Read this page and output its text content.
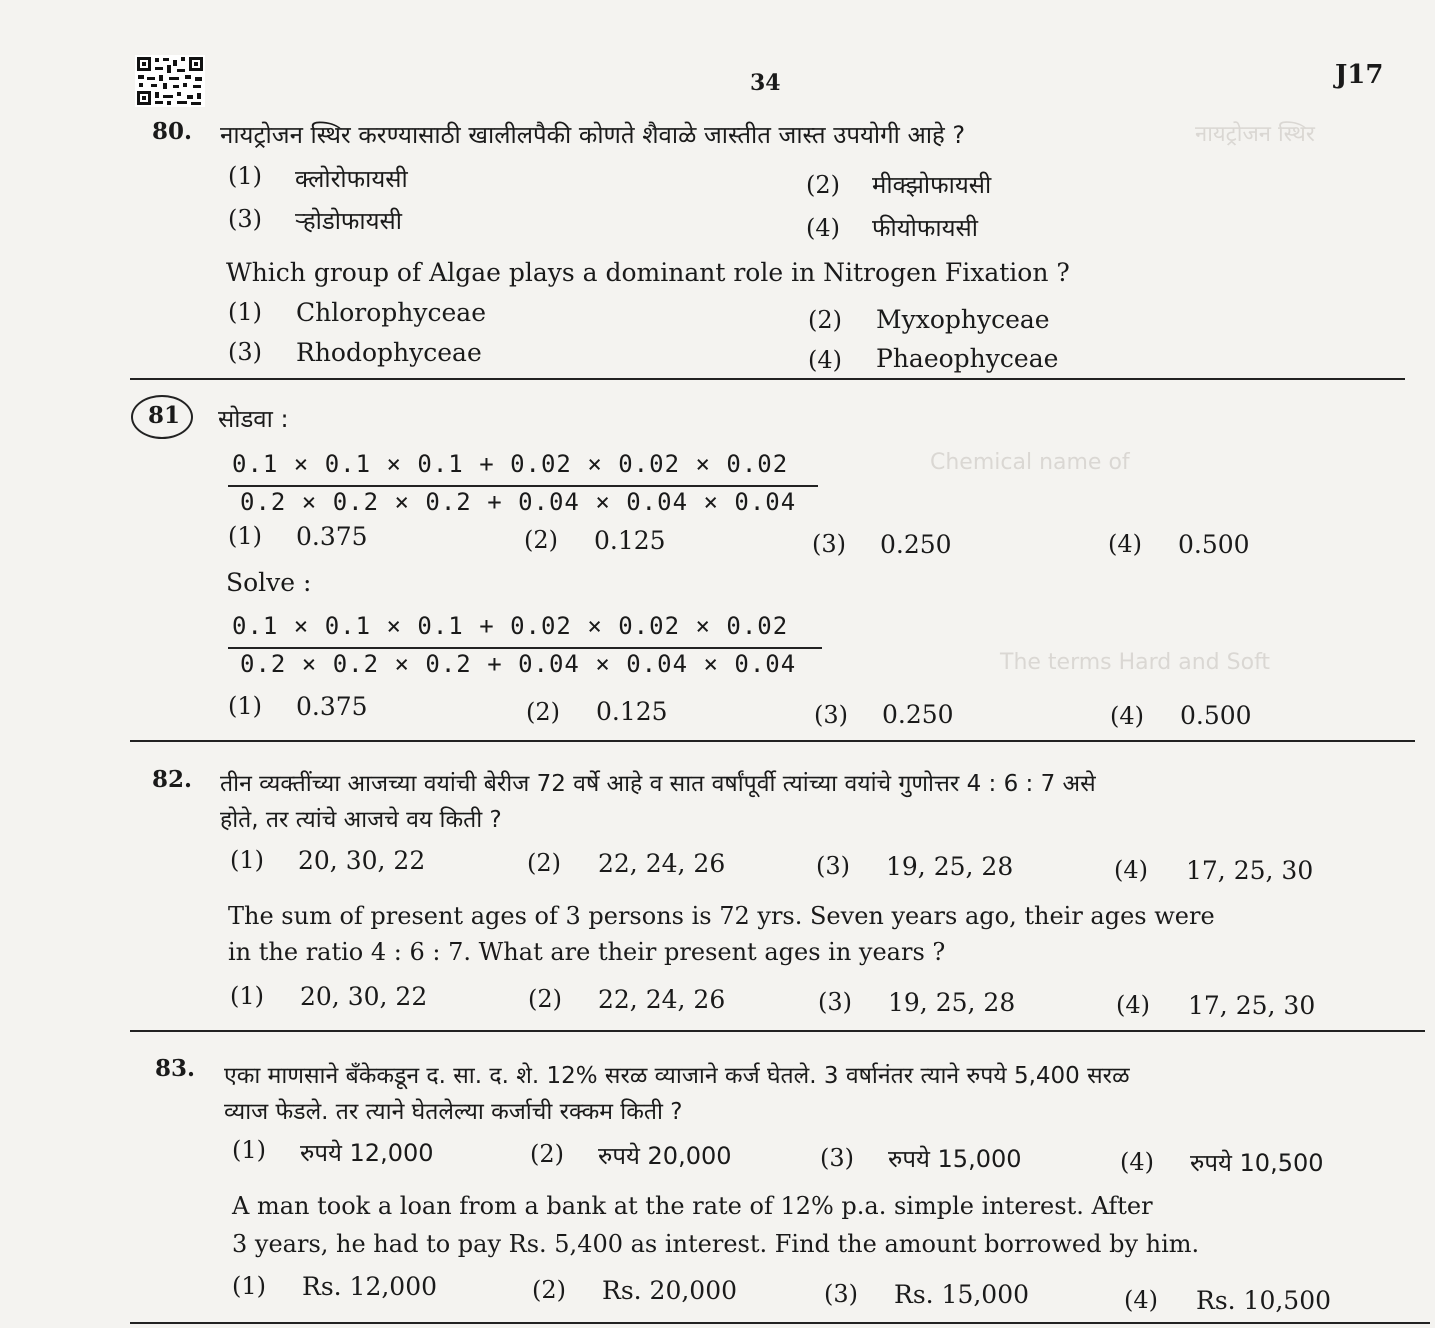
34	J17
नायट्रोजन स्थिर
Chemical name of
The terms Hard and Soft
80. नायट्रोजन स्थिर करण्यासाठी खालीलपैकी कोणते शैवाळे जास्तीत जास्त उपयोगी आहे ?
(1) क्लोरोफायसी	(2) मीक्झोफायसी
(3) ऱ्होडोफायसी	(4) फीयोफायसी
Which group of Algae plays a dominant role in Nitrogen Fixation ?
(1) Chlorophyceae	(2) Myxophyceae
(3) Rhodophyceae	(4) Phaeophyceae
81 सोडवा :
0.1 × 0.1 × 0.1 + 0.02 × 0.02 × 0.02
0.2 × 0.2 × 0.2 + 0.04 × 0.04 × 0.04
(1) 0.375	(2) 0.125	(3) 0.250	(4) 0.500
Solve :
0.1 × 0.1 × 0.1 + 0.02 × 0.02 × 0.02
0.2 × 0.2 × 0.2 + 0.04 × 0.04 × 0.04
(1) 0.375	(2) 0.125	(3) 0.250	(4) 0.500
82. तीन व्यक्तींच्या आजच्या वयांची बेरीज 72 वर्षे आहे व सात वर्षांपूर्वी त्यांच्या वयांचे गुणोत्तर 4 : 6 : 7 असे
होते, तर त्यांचे आजचे वय किती ?
(1) 20, 30, 22	(2) 22, 24, 26	(3) 19, 25, 28	(4) 17, 25, 30
The sum of present ages of 3 persons is 72 yrs. Seven years ago, their ages were
in the ratio 4 : 6 : 7. What are their present ages in years ?
(1) 20, 30, 22	(2) 22, 24, 26	(3) 19, 25, 28	(4) 17, 25, 30
83. एका माणसाने बँकेकडून द. सा. द. शे. 12% सरळ व्याजाने कर्ज घेतले. 3 वर्षानंतर त्याने रुपये 5,400 सरळ
व्याज फेडले. तर त्याने घेतलेल्या कर्जाची रक्कम किती ?
(1) रुपये 12,000	(2) रुपये 20,000	(3) रुपये 15,000	(4) रुपये 10,500
A man took a loan from a bank at the rate of 12% p.a. simple interest. After
3 years, he had to pay Rs. 5,400 as interest. Find the amount borrowed by him.
(1) Rs. 12,000	(2) Rs. 20,000	(3) Rs. 15,000	(4) Rs. 10,500
